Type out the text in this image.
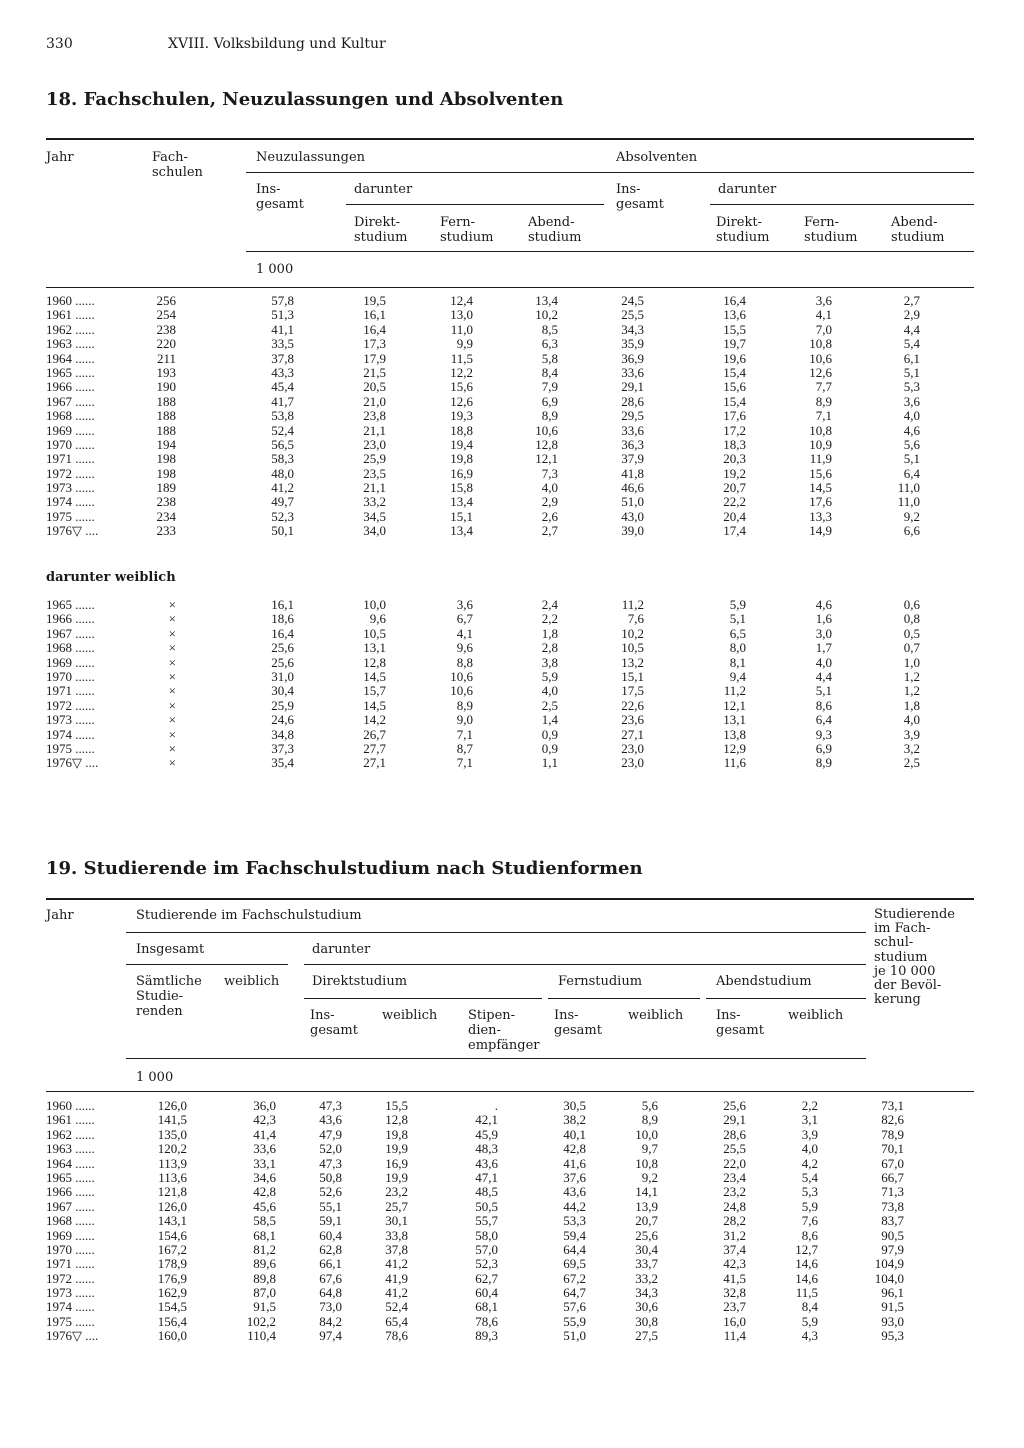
330	XVIII. Volksbildung und Kultur
18. Fachschulen, Neuzulassungen und Absolventen
Jahr	Fach-
schulen
Neuzulassungen	Absolventen
Ins-
gesamt
darunter	Ins-
gesamt
darunter
Direkt-
studium
Fern-
studium
Abend-
studium
Direkt-
studium
Fern-
studium
Abend-
studium
1 000
1960 ......	256	57,8	19,5	12,4	13,4	24,5	16,4	3,6	2,7
1961 ......	254	51,3	16,1	13,0	10,2	25,5	13,6	4,1	2,9
1962 ......	238	41,1	16,4	11,0	8,5	34,3	15,5	7,0	4,4
1963 ......	220	33,5	17,3	9,9	6,3	35,9	19,7	10,8	5,4
1964 ......	211	37,8	17,9	11,5	5,8	36,9	19,6	10,6	6,1
1965 ......	193	43,3	21,5	12,2	8,4	33,6	15,4	12,6	5,1
1966 ......	190	45,4	20,5	15,6	7,9	29,1	15,6	7,7	5,3
1967 ......	188	41,7	21,0	12,6	6,9	28,6	15,4	8,9	3,6
1968 ......	188	53,8	23,8	19,3	8,9	29,5	17,6	7,1	4,0
1969 ......	188	52,4	21,1	18,8	10,6	33,6	17,2	10,8	4,6
1970 ......	194	56,5	23,0	19,4	12,8	36,3	18,3	10,9	5,6
1971 ......	198	58,3	25,9	19,8	12,1	37,9	20,3	11,9	5,1
1972 ......	198	48,0	23,5	16,9	7,3	41,8	19,2	15,6	6,4
1973 ......	189	41,2	21,1	15,8	4,0	46,6	20,7	14,5	11,0
1974 ......	238	49,7	33,2	13,4	2,9	51,0	22,2	17,6	11,0
1975 ......	234	52,3	34,5	15,1	2,6	43,0	20,4	13,3	9,2
1976▽ ....	233	50,1	34,0	13,4	2,7	39,0	17,4	14,9	6,6
darunter weiblich
1965 ......	×	16,1	10,0	3,6	2,4	11,2	5,9	4,6	0,6
1966 ......	×	18,6	9,6	6,7	2,2	7,6	5,1	1,6	0,8
1967 ......	×	16,4	10,5	4,1	1,8	10,2	6,5	3,0	0,5
1968 ......	×	25,6	13,1	9,6	2,8	10,5	8,0	1,7	0,7
1969 ......	×	25,6	12,8	8,8	3,8	13,2	8,1	4,0	1,0
1970 ......	×	31,0	14,5	10,6	5,9	15,1	9,4	4,4	1,2
1971 ......	×	30,4	15,7	10,6	4,0	17,5	11,2	5,1	1,2
1972 ......	×	25,9	14,5	8,9	2,5	22,6	12,1	8,6	1,8
1973 ......	×	24,6	14,2	9,0	1,4	23,6	13,1	6,4	4,0
1974 ......	×	34,8	26,7	7,1	0,9	27,1	13,8	9,3	3,9
1975 ......	×	37,3	27,7	8,7	0,9	23,0	12,9	6,9	3,2
1976▽ ....	×	35,4	27,1	7,1	1,1	23,0	11,6	8,9	2,5
19. Studierende im Fachschulstudium nach Studienformen
Jahr	Studierende im Fachschulstudium	Studierende
im Fach-
schul-
studium
je 10 000
der Bevöl-
kerung
Insgesamt	darunter
Sämtliche
Studie-
renden
weiblich	Direktstudium	Fernstudium	Abendstudium
Ins-
gesamt
weiblich Stipen-
dien-
empfänger
Ins-
gesamt
weiblich	Ins-
gesamt
weiblich
1 000
1960 ......	126,0	36,0	47,3	15,5	.	30,5	5,6	25,6	2,2	73,1
1961 ......	141,5	42,3	43,6	12,8	42,1	38,2	8,9	29,1	3,1	82,6
1962 ......	135,0	41,4	47,9	19,8	45,9	40,1	10,0	28,6	3,9	78,9
1963 ......	120,2	33,6	52,0	19,9	48,3	42,8	9,7	25,5	4,0	70,1
1964 ......	113,9	33,1	47,3	16,9	43,6	41,6	10,8	22,0	4,2	67,0
1965 ......	113,6	34,6	50,8	19,9	47,1	37,6	9,2	23,4	5,4	66,7
1966 ......	121,8	42,8	52,6	23,2	48,5	43,6	14,1	23,2	5,3	71,3
1967 ......	126,0	45,6	55,1	25,7	50,5	44,2	13,9	24,8	5,9	73,8
1968 ......	143,1	58,5	59,1	30,1	55,7	53,3	20,7	28,2	7,6	83,7
1969 ......	154,6	68,1	60,4	33,8	58,0	59,4	25,6	31,2	8,6	90,5
1970 ......	167,2	81,2	62,8	37,8	57,0	64,4	30,4	37,4	12,7	97,9
1971 ......	178,9	89,6	66,1	41,2	52,3	69,5	33,7	42,3	14,6	104,9
1972 ......	176,9	89,8	67,6	41,9	62,7	67,2	33,2	41,5	14,6	104,0
1973 ......	162,9	87,0	64,8	41,2	60,4	64,7	34,3	32,8	11,5	96,1
1974 ......	154,5	91,5	73,0	52,4	68,1	57,6	30,6	23,7	8,4	91,5
1975 ......	156,4	102,2	84,2	65,4	78,6	55,9	30,8	16,0	5,9	93,0
1976▽ ....	160,0	110,4	97,4	78,6	89,3	51,0	27,5	11,4	4,3	95,3
